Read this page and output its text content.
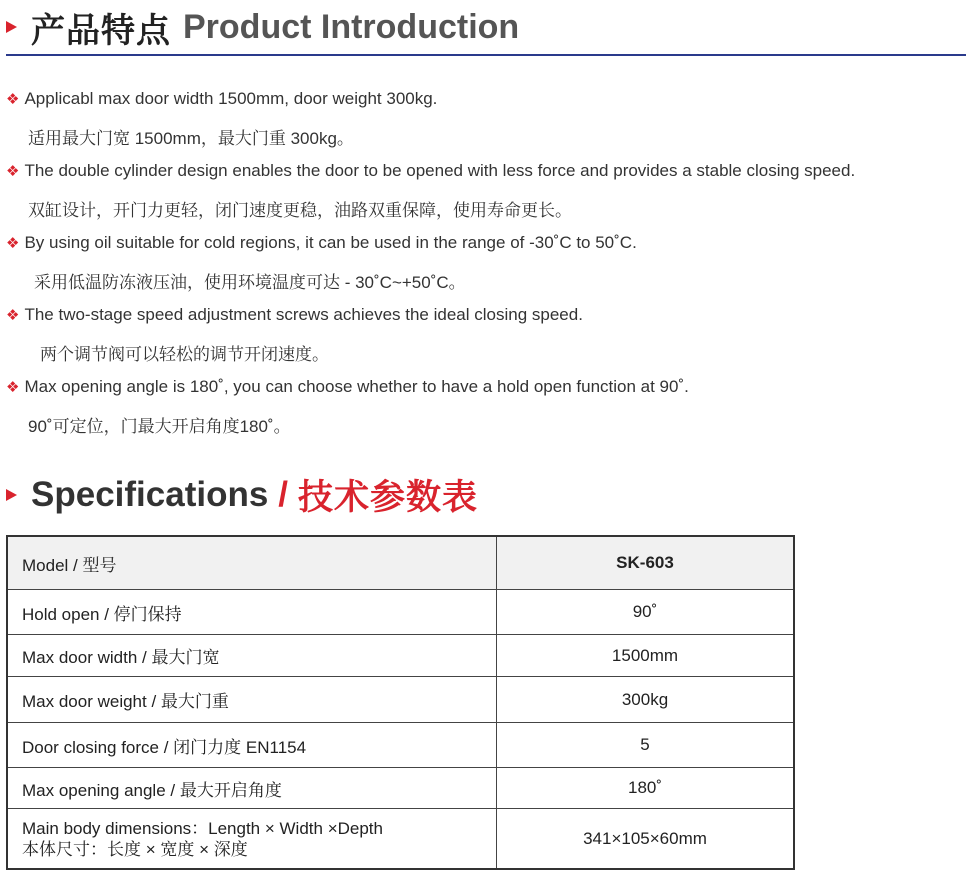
产品特点 Product Introduction
❖ Applicabl max door width 1500mm, door weight 300kg.
适用最大门宽 1500mm，最大门重 300kg。
❖ The double cylinder design enables the door to be opened with less force and provides a stable closing speed.
双缸设计，开门力更轻，闭门速度更稳，油路双重保障，使用寿命更长。
❖ By using oil suitable for cold regions, it can be used in the range of -30˚C to 50˚C.
采用低温防冻液压油，使用环境温度可达 - 30˚C~+50˚C。
❖ The two-stage speed adjustment screws achieves the ideal closing speed.
两个调节阀可以轻松的调节开闭速度。
❖ Max opening angle is 180˚, you can choose whether to have a hold open function at 90˚.
90˚可定位，门最大开启角度180˚。
Specifications / 技术参数表
Model / 型号	SK-603
Hold open / 停门保持	90˚
Max door width / 最大门宽	1500mm
Max door weight / 最大门重	300kg
Door closing force / 闭门力度 EN1154	5
Max opening angle / 最大开启角度	180˚

Main body dimensions：Length × Width ×Depth
本体尺寸：长度 × 宽度 × 深度	341×105×60mm
